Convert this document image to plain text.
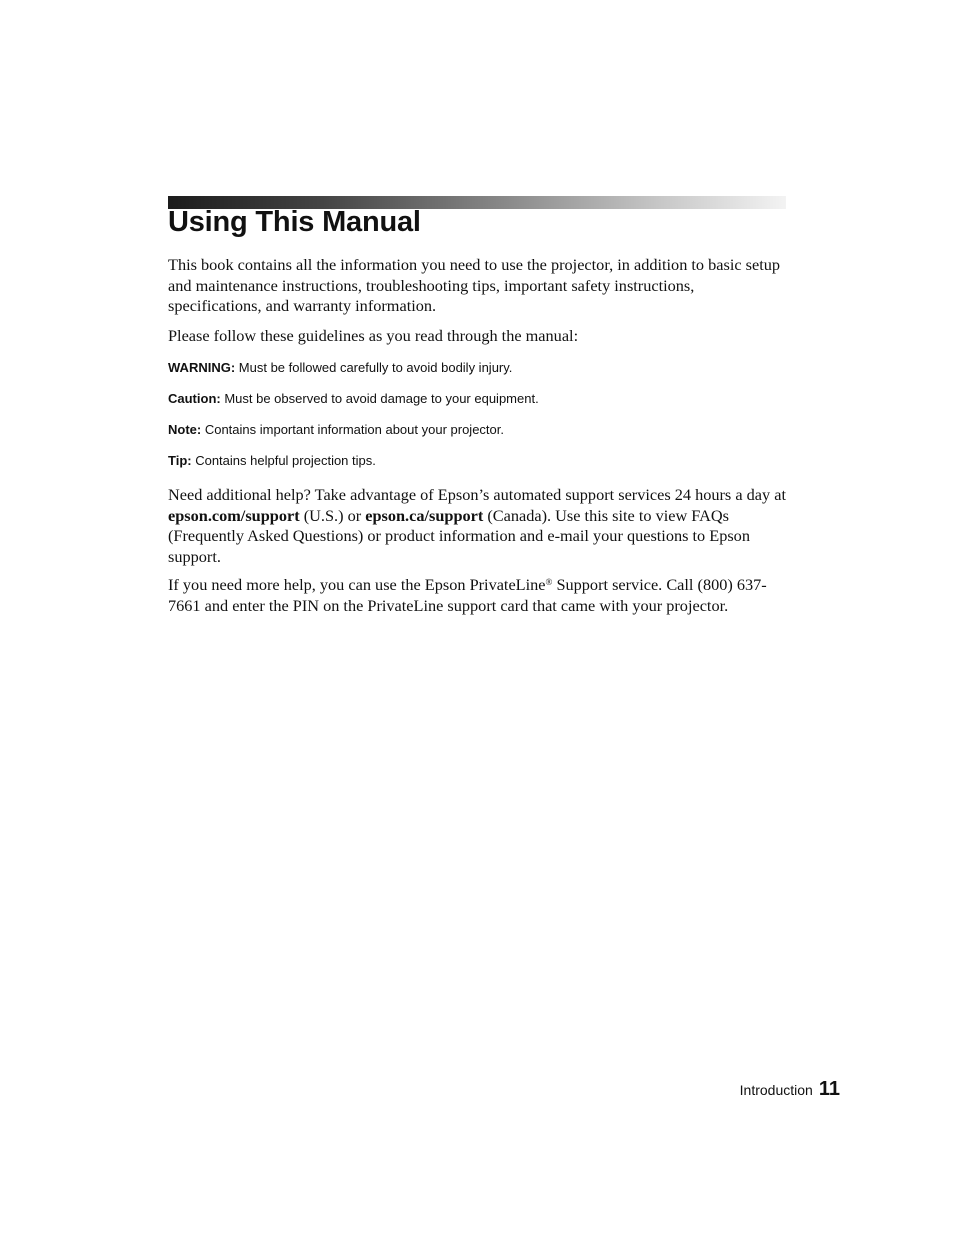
Using This Manual

This book contains all the information you need to use the projector, in addition to basic setup and maintenance instructions, troubleshooting tips, important safety instructions, specifications, and warranty information.

Please follow these guidelines as you read through the manual:

WARNING: Must be followed carefully to avoid bodily injury.

Caution: Must be observed to avoid damage to your equipment.

Note: Contains important information about your projector.

Tip: Contains helpful projection tips.

Need additional help? Take advantage of Epson’s automated support services 24 hours a day at epson.com/support (U.S.) or epson.ca/support (Canada). Use this site to view FAQs (Frequently Asked Questions) or product information and e-mail your questions to Epson support.

If you need more help, you can use the Epson PrivateLine® Support service. Call (800) 637-7661 and enter the PIN on the PrivateLine support card that came with your projector.

Introduction 11
